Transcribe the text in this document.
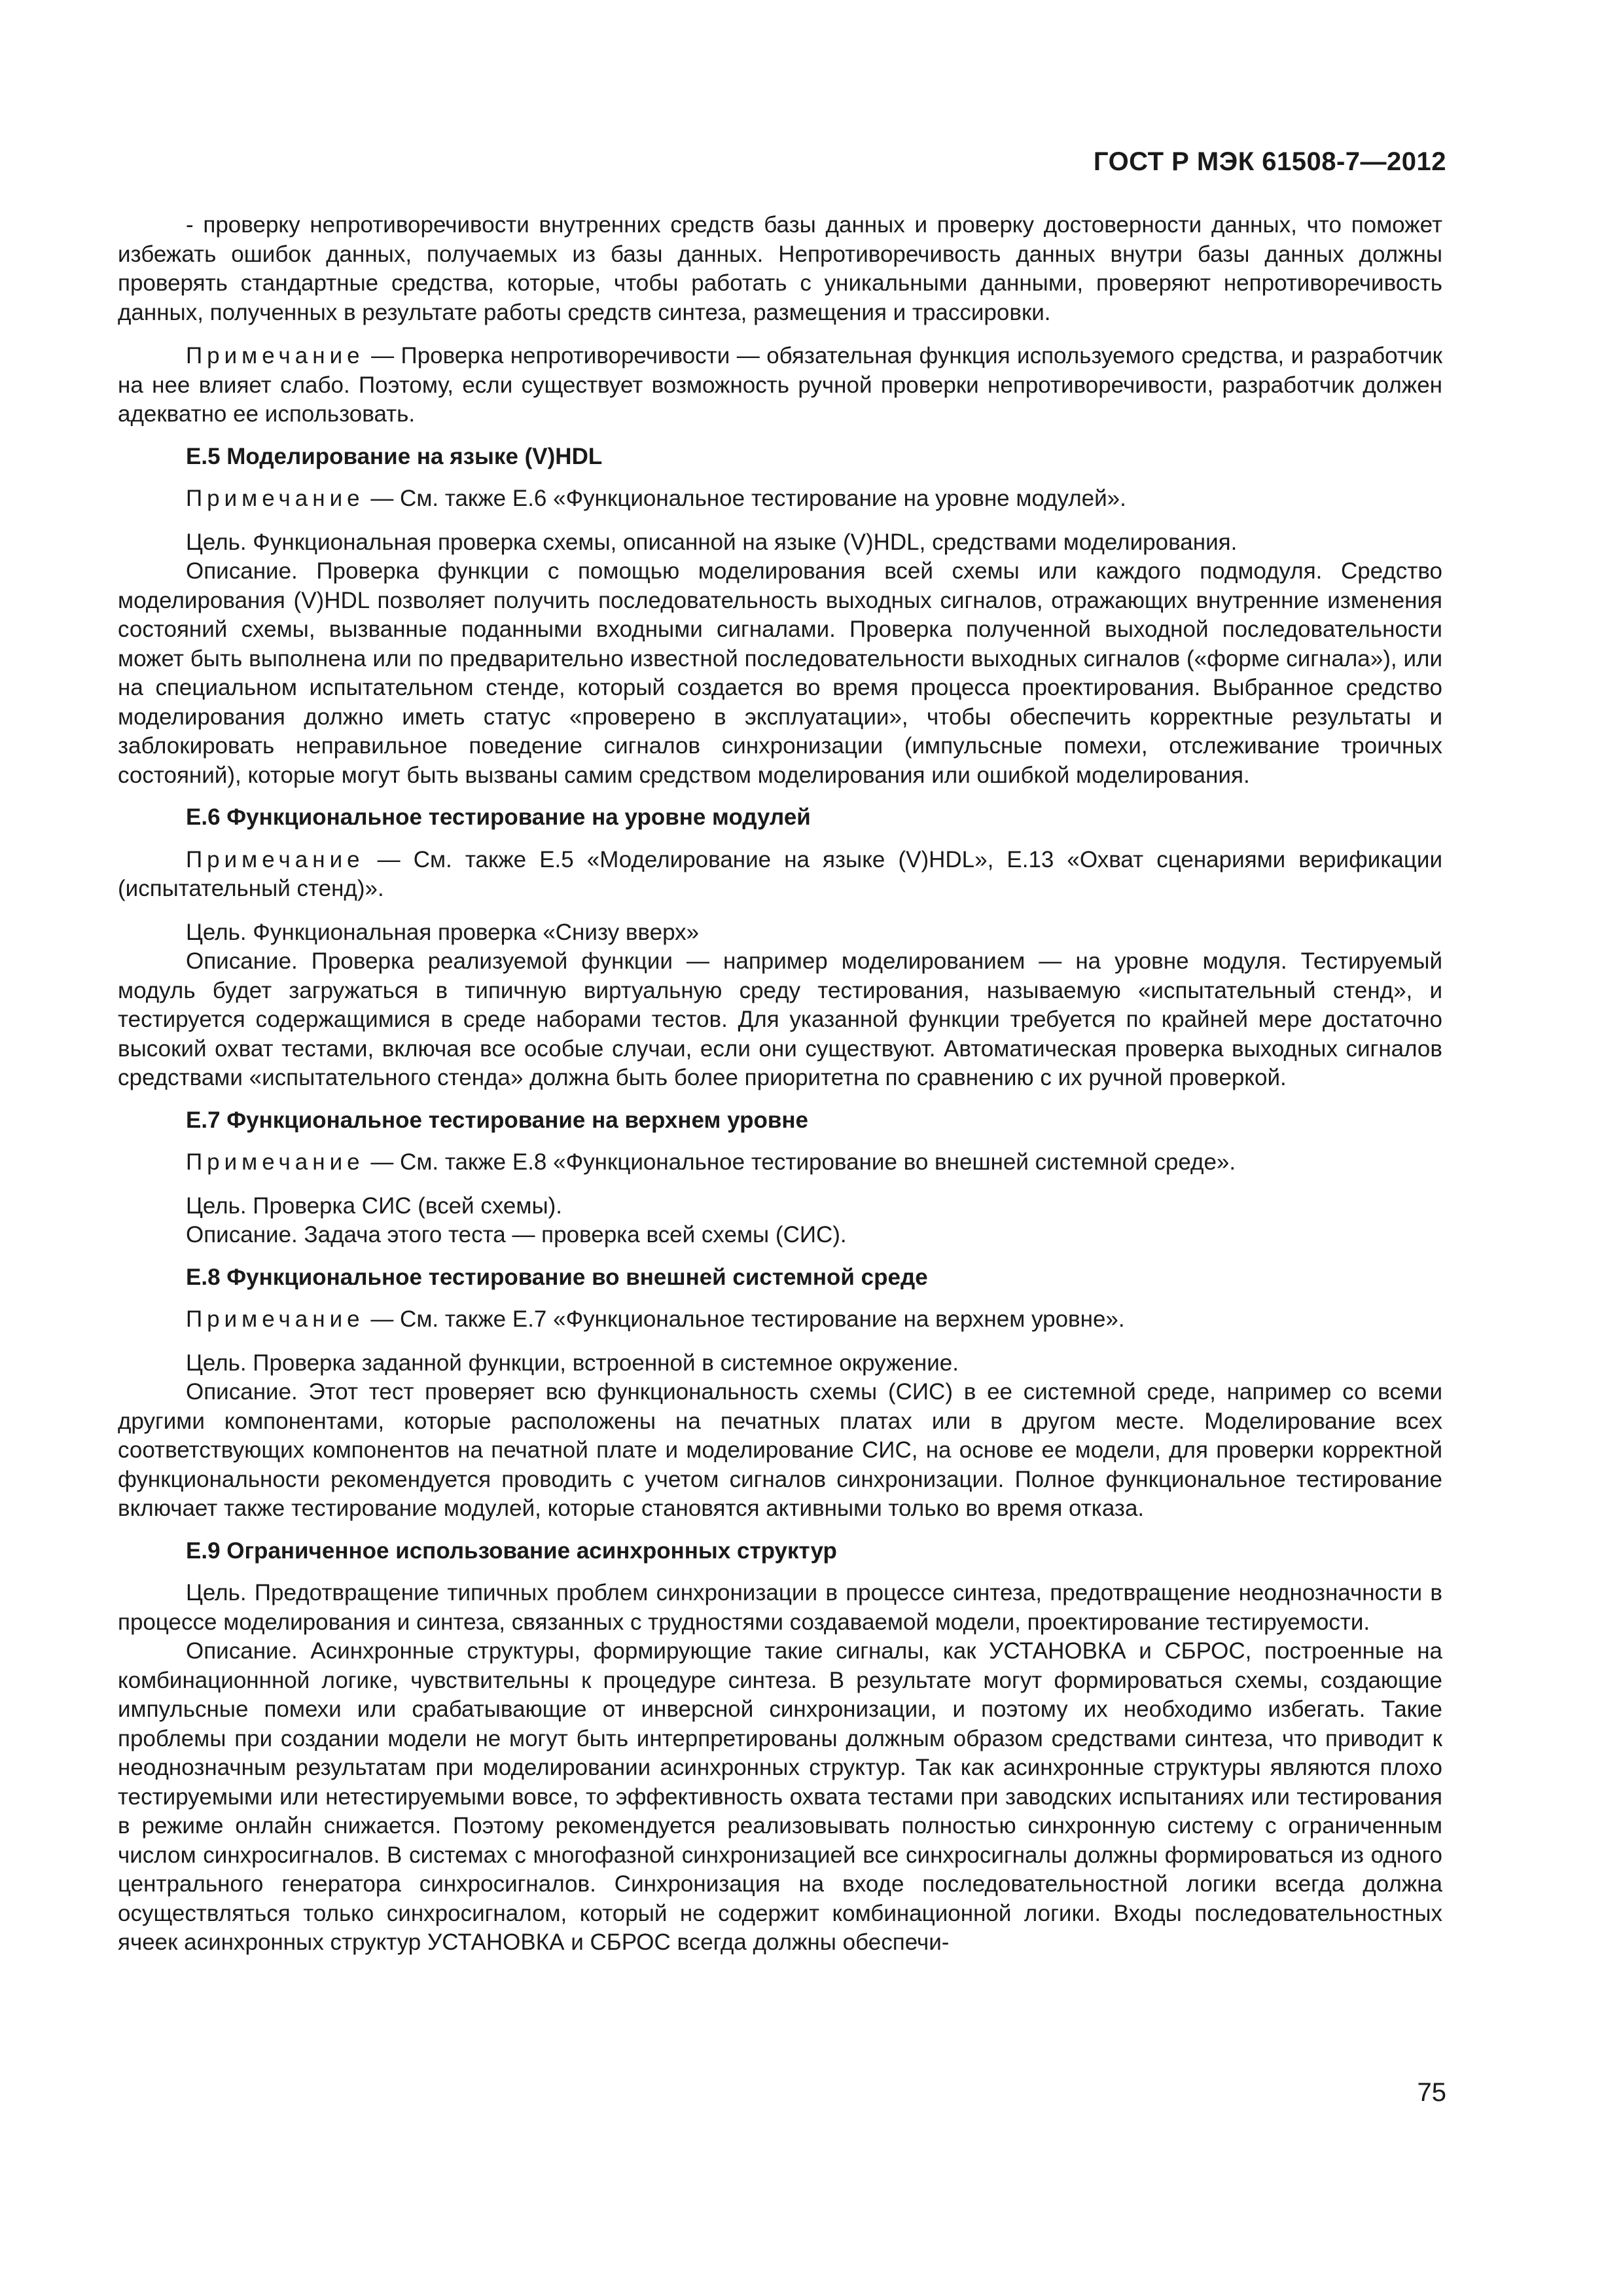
ГОСТ Р МЭК 61508-7—2012

- проверку непротиворечивости внутренних средств базы данных и проверку достоверности данных, что поможет избежать ошибок данных, получаемых из базы данных. Непротиворечивость данных внутри базы данных должны проверять стандартные средства, которые, чтобы работать с уникальными данными, проверяют непротиворечивость данных, полученных в результате работы средств синтеза, размещения и трассировки.

Примечание — Проверка непротиворечивости — обязательная функция используемого средства, и разработчик на нее влияет слабо. Поэтому, если существует возможность ручной проверки непротиворечивости, разработчик должен адекватно ее использовать.

Е.5 Моделирование на языке (V)HDL

Примечание — См. также Е.6 «Функциональное тестирование на уровне модулей».

Цель. Функциональная проверка схемы, описанной на языке (V)HDL, средствами моделирования.

Описание. Проверка функции с помощью моделирования всей схемы или каждого подмодуля. Средство моделирования (V)HDL позволяет получить последовательность выходных сигналов, отражающих внутренние изменения состояний схемы, вызванные поданными входными сигналами. Проверка полученной выходной последовательности может быть выполнена или по предварительно известной последовательности выходных сигналов («форме сигнала»), или на специальном испытательном стенде, который создается во время процесса проектирования. Выбранное средство моделирования должно иметь статус «проверено в эксплуатации», чтобы обеспечить корректные результаты и заблокировать неправильное поведение сигналов синхронизации (импульсные помехи, отслеживание троичных состояний), которые могут быть вызваны самим средством моделирования или ошибкой моделирования.

Е.6 Функциональное тестирование на уровне модулей

Примечание — См. также Е.5 «Моделирование на языке (V)HDL», Е.13 «Охват сценариями верификации (испытательный стенд)».

Цель. Функциональная проверка «Снизу вверх»

Описание. Проверка реализуемой функции — например моделированием — на уровне модуля. Тестируемый модуль будет загружаться в типичную виртуальную среду тестирования, называемую «испытательный стенд», и тестируется содержащимися в среде наборами тестов. Для указанной функции требуется по крайней мере достаточно высокий охват тестами, включая все особые случаи, если они существуют. Автоматическая проверка выходных сигналов средствами «испытательного стенда» должна быть более приоритетна по сравнению с их ручной проверкой.

Е.7 Функциональное тестирование на верхнем уровне

Примечание — См. также Е.8 «Функциональное тестирование во внешней системной среде».

Цель. Проверка СИС (всей схемы).

Описание. Задача этого теста — проверка всей схемы (СИС).

Е.8 Функциональное тестирование во внешней системной среде

Примечание — См. также Е.7 «Функциональное тестирование на верхнем уровне».

Цель. Проверка заданной функции, встроенной в системное окружение.

Описание. Этот тест проверяет всю функциональность схемы (СИС) в ее системной среде, например со всеми другими компонентами, которые расположены на печатных платах или в другом месте. Моделирование всех соответствующих компонентов на печатной плате и моделирование СИС, на основе ее модели, для проверки корректной функциональности рекомендуется проводить с учетом сигналов синхронизации. Полное функциональное тестирование включает также тестирование модулей, которые становятся активными только во время отказа.

Е.9 Ограниченное использование асинхронных структур

Цель. Предотвращение типичных проблем синхронизации в процессе синтеза, предотвращение неоднозначности в процессе моделирования и синтеза, связанных с трудностями создаваемой модели, проектирование тестируемости.

Описание. Асинхронные структуры, формирующие такие сигналы, как УСТАНОВКА и СБРОС, построенные на комбинационнной логике, чувствительны к процедуре синтеза. В результате могут формироваться схемы, создающие импульсные помехи или срабатывающие от инверсной синхронизации, и поэтому их необходимо избегать. Такие проблемы при создании модели не могут быть интерпретированы должным образом средствами синтеза, что приводит к неоднозначным результатам при моделировании асинхронных структур. Так как асинхронные структуры являются плохо тестируемыми или нетестируемыми вовсе, то эффективность охвата тестами при заводских испытаниях или тестирования в режиме онлайн снижается. Поэтому рекомендуется реализовывать полностью синхронную систему с ограниченным числом синхросигналов. В системах с многофазной синхронизацией все синхросигналы должны формироваться из одного центрального генератора синхросигналов. Синхронизация на входе последовательностной логики всегда должна осуществляться только синхросигналом, который не содержит комбинационной логики. Входы последовательностных ячеек асинхронных структур УСТАНОВКА и СБРОС всегда должны обеспечи-

75
